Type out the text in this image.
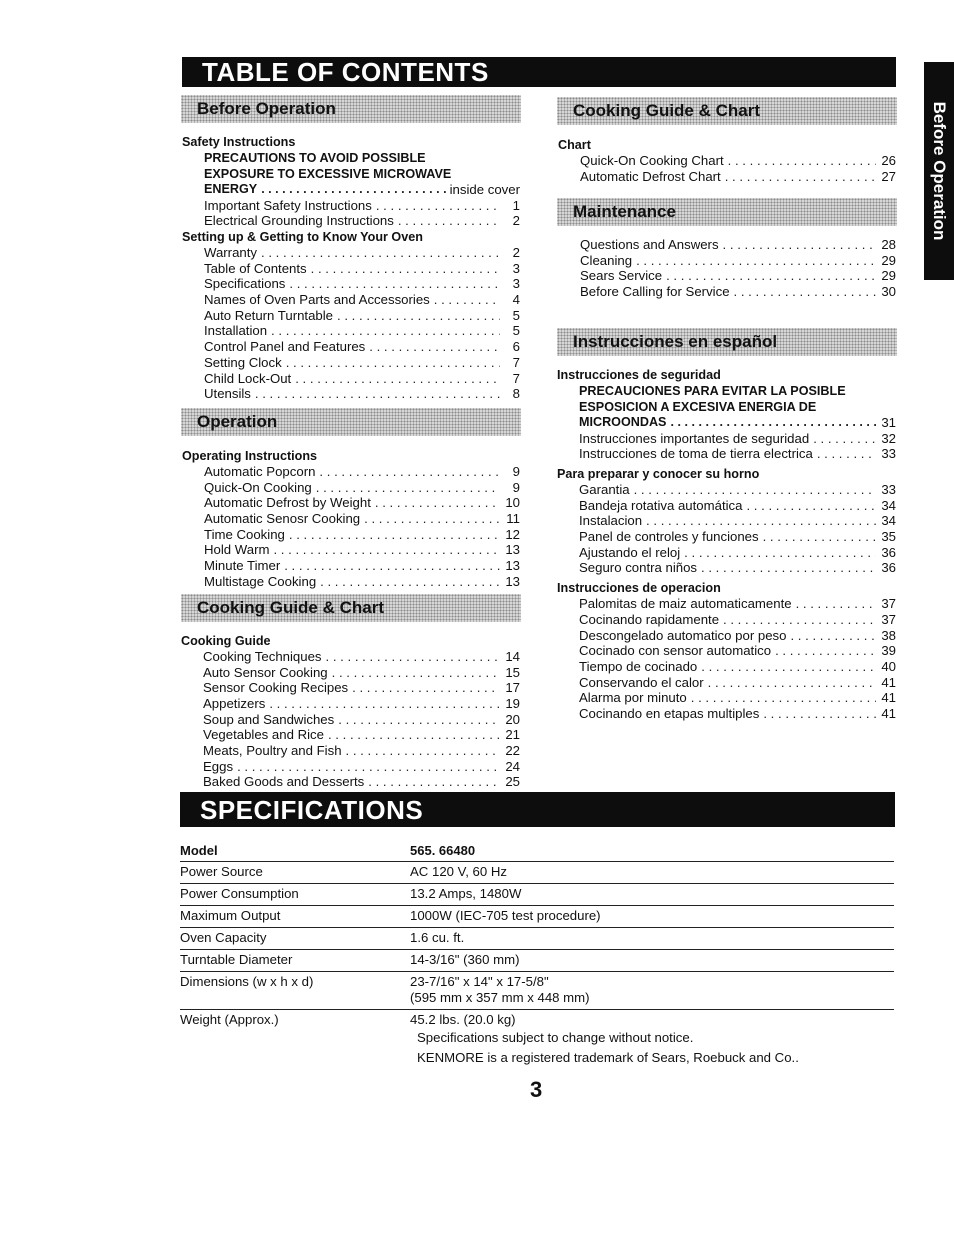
TABLE OF CONTENTS
Before Operation
Before Operation
Safety Instructions
PRECAUTIONS TO AVOID POSSIBLE
EXPOSURE TO EXCESSIVE MICROWAVE
ENERGY . . .	inside cover
Important Safety Instructions . . .	1
Electrical Grounding Instructions . . .	2
Setting up & Getting to Know Your Oven
Warranty . . .	2
Table of Contents . . .	3
Specifications . . .	3
Names of Oven Parts and Accessories . . .	4
Auto Return Turntable . . .	5
Installation . . .	5
Control Panel and Features . . .	6
Setting Clock . . .	7
Child Lock-Out . . .	7
Utensils . . .	8
Operation
Operating Instructions
Automatic Popcorn . . .	9
Quick-On Cooking . . .	9
Automatic Defrost by Weight . . .	10
Automatic Senosr Cooking . . .	11
Time Cooking . . .	12
Hold Warm . . .	13
Minute Timer . . .	13
Multistage Cooking . . .	13
Cooking Guide & Chart
Cooking Guide
Cooking Techniques . . .	14
Auto Sensor Cooking . . .	15
Sensor Cooking Recipes . . .	17
Appetizers . . .	19
Soup and Sandwiches . . .	20
Vegetables and Rice . . .	21
Meats, Poultry and Fish . . .	22
Eggs . . .	24
Baked Goods and Desserts . . .	25
Cooking Guide & Chart
Chart
Quick-On Cooking Chart . . .	26
Automatic Defrost Chart . . .	27
Maintenance
Questions and Answers . . .	28
Cleaning . . .	29
Sears Service . . .	29
Before Calling for Service . . .	30
Instrucciones en español
Instrucciones de seguridad
PRECAUCIONES PARA EVITAR LA POSIBLE
ESPOSICION A EXCESIVA ENERGIA DE
MICROONDAS . . .	31
Instrucciones importantes de seguridad . . .	32
Instrucciones de toma de tierra electrica . . .	33
Para preparar y conocer su horno
Garantia . . .	33
Bandeja rotativa automática . . .	34
Instalacion . . .	34
Panel de controles y funciones . . .	35
Ajustando el reloj . . .	36
Seguro contra niños . . .	36
Instrucciones de operacion
Palomitas de maiz automaticamente . . .	37
Cocinando rapidamente . . .	37
Descongelado automatico por peso . . .	38
Cocinado con sensor automatico . . .	39
Tiempo de cocinado . . .	40
Conservando el calor . . .	41
Alarma por minuto . . .	41
Cocinando en etapas multiples . . .	41
SPECIFICATIONS
Model	565. 66480
Power Source	AC 120 V, 60 Hz
Power Consumption	13.2 Amps, 1480W
Maximum Output	1000W (IEC-705 test procedure)
Oven Capacity	1.6 cu. ft.
Turntable Diameter	14-3/16" (360 mm)
Dimensions (w x h x d)	23-7/16" x 14" x 17-5/8"
(595 mm x 357 mm x 448 mm)
Weight (Approx.)	45.2 lbs. (20.0 kg)
Specifications subject to change without notice.
KENMORE is a registered trademark of Sears, Roebuck and Co..
3
